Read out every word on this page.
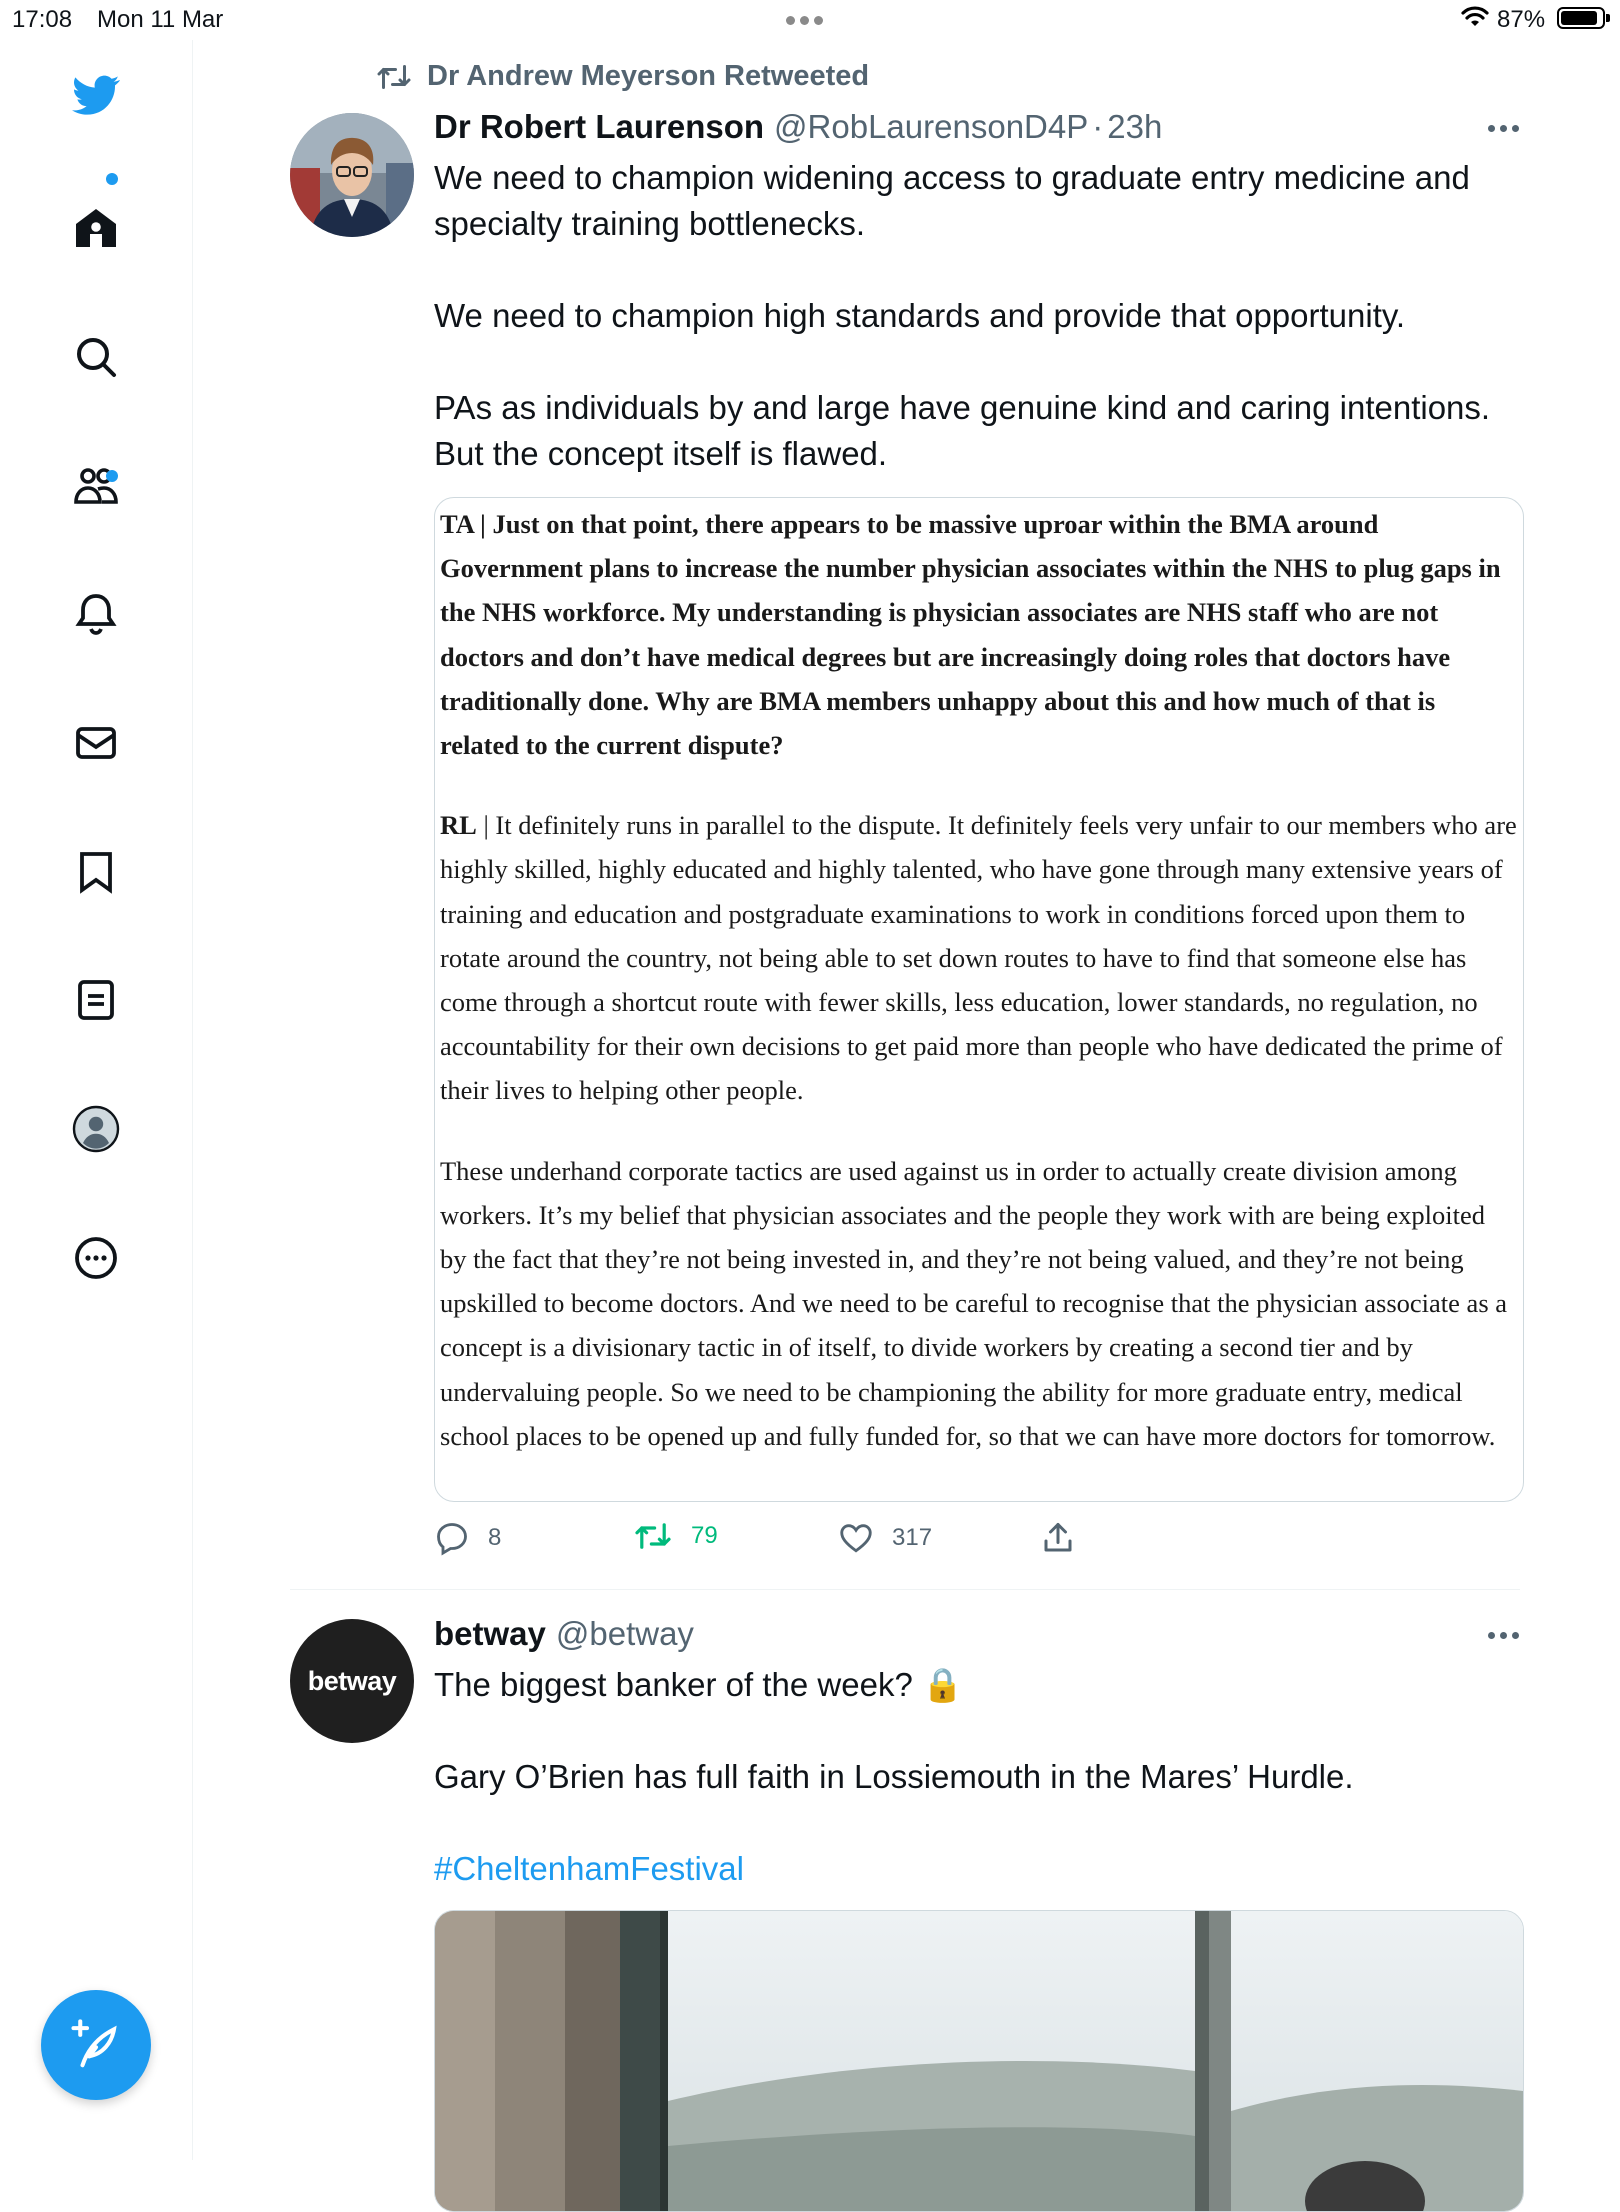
17:08 Mon 11 Mar	87%
Dr Andrew Meyerson Retweeted
Dr Robert Laurenson @RobLaurensonD4P · 23h

We need to champion widening access to graduate entry medicine and specialty training bottlenecks.

We need to champion high standards and provide that opportunity.

PAs as individuals by and large have genuine kind and caring intentions. But the concept itself is flawed.

TA | Just on that point, there appears to be massive uproar within the BMA around Government plans to increase the number physician associates within the NHS to plug gaps in the NHS workforce. My understanding is physician associates are NHS staff who are not doctors and don’t have medical degrees but are increasingly doing roles that doctors have traditionally done. Why are BMA members unhappy about this and how much of that is related to the current dispute?

RL | It definitely runs in parallel to the dispute. It definitely feels very unfair to our members who are highly skilled, highly educated and highly talented, who have gone through many extensive years of training and education and postgraduate examinations to work in conditions forced upon them to rotate around the country, not being able to set down routes to have to find that someone else has come through a shortcut route with fewer skills, less education, lower standards, no regulation, no accountability for their own decisions to get paid more than people who have dedicated the prime of their lives to helping other people.

These underhand corporate tactics are used against us in order to actually create division among workers. It’s my belief that physician associates and the people they work with are being exploited by the fact that they’re not being invested in, and they’re not being valued, and they’re not being upskilled to become doctors. And we need to be careful to recognise that the physician associate as a concept is a divisionary tactic in of itself, to divide workers by creating a second tier and by undervaluing people. So we need to be championing the ability for more graduate entry, medical school places to be opened up and fully funded for, so that we can have more doctors for tomorrow.

8	79	317
betway
betway @betway

The biggest banker of the week? 🔒

Gary O’Brien has full faith in Lossiemouth in the Mares’ Hurdle.

#CheltenhamFestival
